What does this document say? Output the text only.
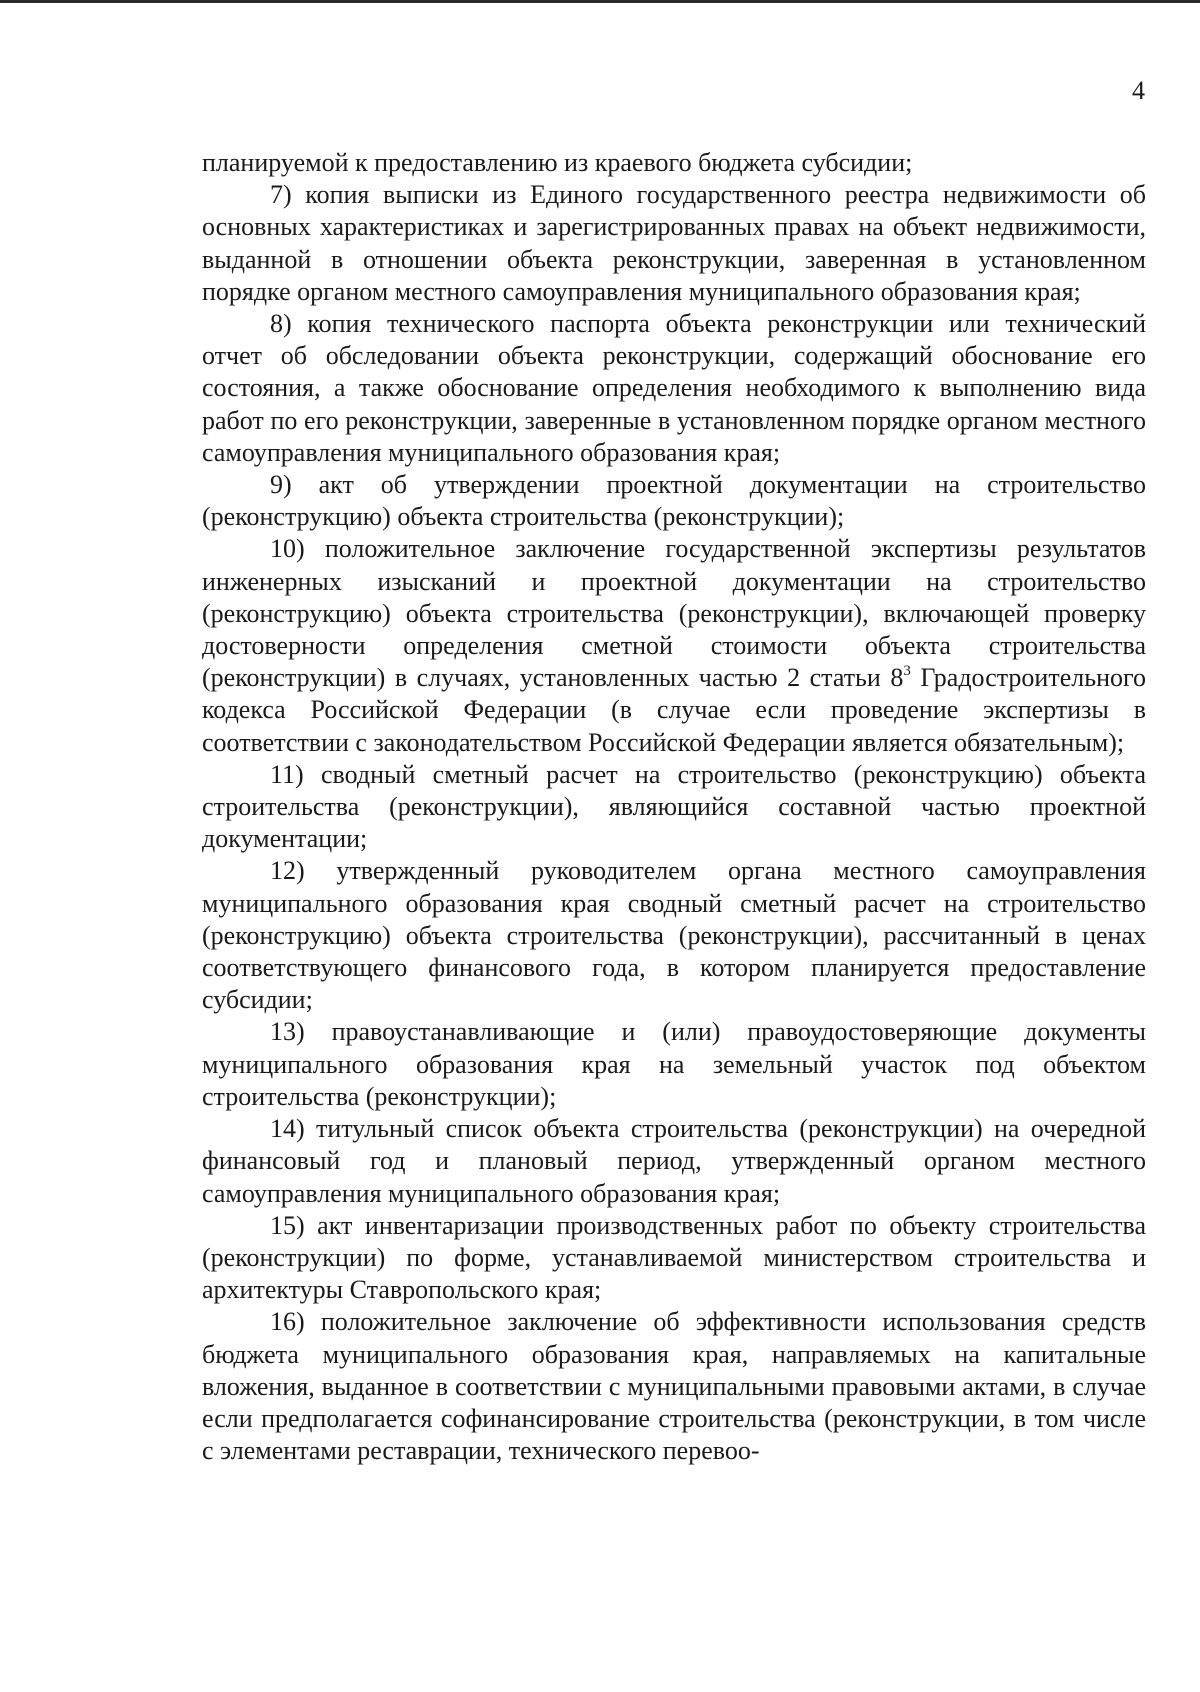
4

планируемой к предоставлению из краевого бюджета субсидии;

7) копия выписки из Единого государственного реестра недвижимости об основных характеристиках и зарегистрированных правах на объект недвижимости, выданной в отношении объекта реконструкции, заверенная в установленном порядке органом местного самоуправления муниципального образования края;

8) копия технического паспорта объекта реконструкции или технический отчет об обследовании объекта реконструкции, содержащий обоснование его состояния, а также обоснование определения необходимого к выполнению вида работ по его реконструкции, заверенные в установленном порядке органом местного самоуправления муниципального образования края;

9) акт об утверждении проектной документации на строительство (реконструкцию) объекта строительства (реконструкции);

10) положительное заключение государственной экспертизы результатов инженерных изысканий и проектной документации на строительство (реконструкцию) объекта строительства (реконструкции), включающей проверку достоверности определения сметной стоимости объекта строительства (реконструкции) в случаях, установленных частью 2 статьи $8^3$ Градостроительного кодекса Российской Федерации (в случае если проведение экспертизы в соответствии с законодательством Российской Федерации является обязательным);

11) сводный сметный расчет на строительство (реконструкцию) объекта строительства (реконструкции), являющийся составной частью проектной документации;

12) утвержденный руководителем органа местного самоуправления муниципального образования края сводный сметный расчет на строительство (реконструкцию) объекта строительства (реконструкции), рассчитанный в ценах соответствующего финансового года, в котором планируется предоставление субсидии;

13) правоустанавливающие и (или) правоудостоверяющие документы муниципального образования края на земельный участок под объектом строительства (реконструкции);

14) титульный список объекта строительства (реконструкции) на очередной финансовый год и плановый период, утвержденный органом местного самоуправления муниципального образования края;

15) акт инвентаризации производственных работ по объекту строительства (реконструкции) по форме, устанавливаемой министерством строительства и архитектуры Ставропольского края;

16) положительное заключение об эффективности использования средств бюджета муниципального образования края, направляемых на капитальные вложения, выданное в соответствии с муниципальными правовыми актами, в случае если предполагается софинансирование строительства (реконструкции, в том числе с элементами реставрации, технического перевоо-
